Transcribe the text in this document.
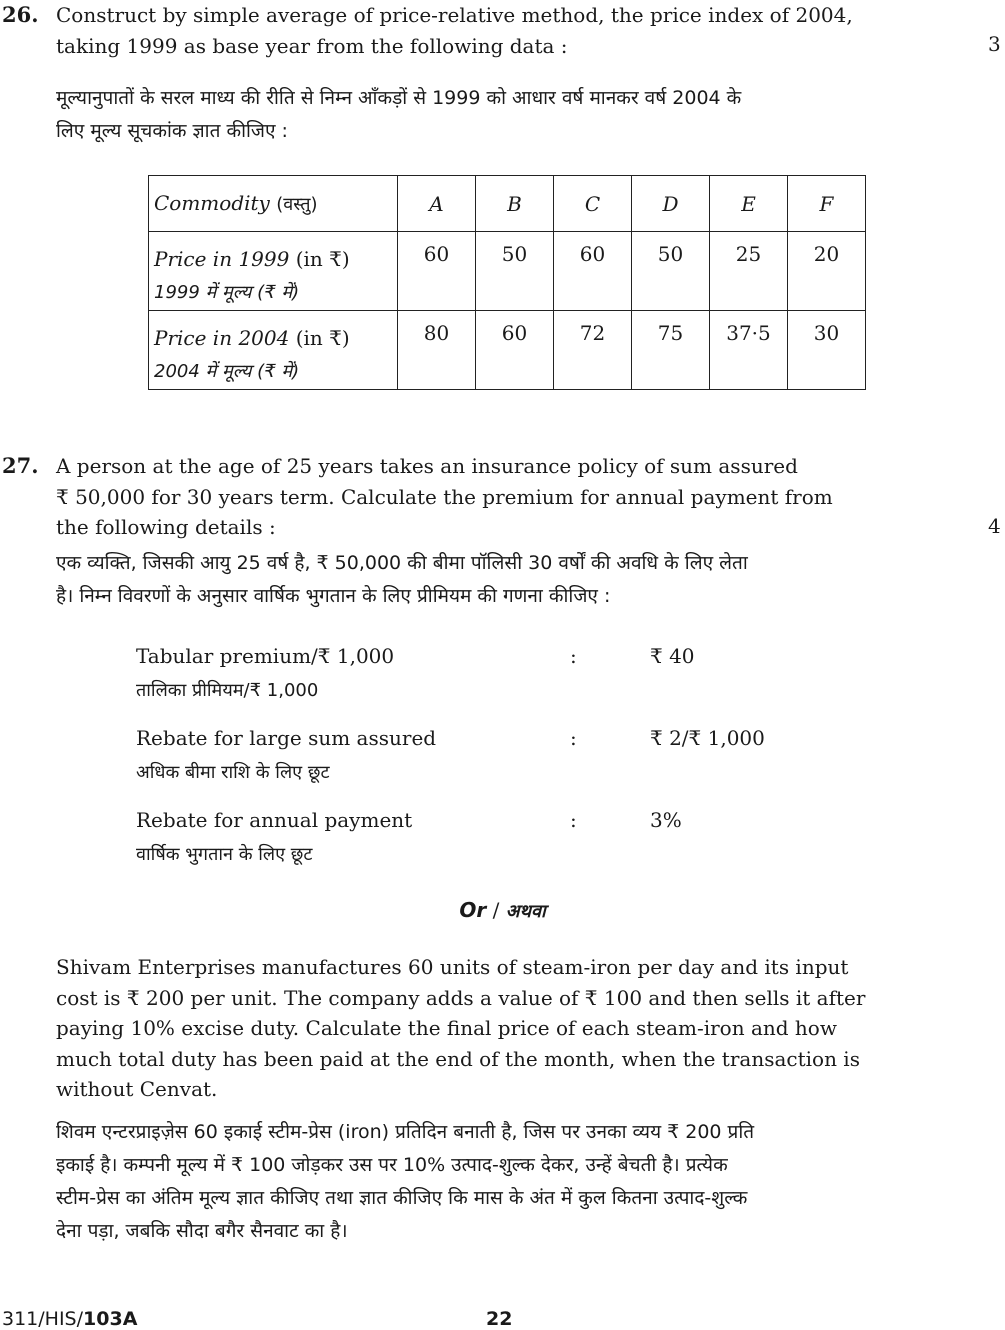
26. Construct by simple average of price-relative method, the price index of 2004,
taking 1999 as base year from the following data :	3
मूल्यानुपातों के सरल माध्य की रीति से निम्न आँकड़ों से 1999 को आधार वर्ष मानकर वर्ष 2004 के
लिए मूल्य सूचकांक ज्ञात कीजिए :
Commodity (वस्तु)	A	B	C	D	E	F

Price in 1999 (in ₹)
1999 में मूल्य (₹ में)	60	50	60	50	25	20

Price in 2004 (in ₹)
2004 में मूल्य (₹ में)	80	60	72	75	37·5	30
27. A person at the age of 25 years takes an insurance policy of sum assured
₹ 50,000 for 30 years term. Calculate the premium for annual payment from
the following details :	4
एक व्यक्ति, जिसकी आयु 25 वर्ष है, ₹ 50,000 की बीमा पॉलिसी 30 वर्षों की अवधि के लिए लेता
है। निम्न विवरणों के अनुसार वार्षिक भुगतान के लिए प्रीमियम की गणना कीजिए :
Tabular premium/₹ 1,000	:	₹ 40
तालिका प्रीमियम/₹ 1,000
Rebate for large sum assured	:	₹ 2/₹ 1,000
अधिक बीमा राशि के लिए छूट
Rebate for annual payment	:	3%
वार्षिक भुगतान के लिए छूट
Or / अथवा
Shivam Enterprises manufactures 60 units of steam-iron per day and its input
cost is ₹ 200 per unit. The company adds a value of ₹ 100 and then sells it after
paying 10% excise duty. Calculate the final price of each steam-iron and how
much total duty has been paid at the end of the month, when the transaction is
without Cenvat.
शिवम एन्टरप्राइज़ेस 60 इकाई स्टीम-प्रेस (iron) प्रतिदिन बनाती है, जिस पर उनका व्यय ₹ 200 प्रति
इकाई है। कम्पनी मूल्य में ₹ 100 जोड़कर उस पर 10% उत्पाद-शुल्क देकर, उन्हें बेचती है। प्रत्येक
स्टीम-प्रेस का अंतिम मूल्य ज्ञात कीजिए तथा ज्ञात कीजिए कि मास के अंत में कुल कितना उत्पाद-शुल्क
देना पड़ा, जबकि सौदा बगैर सैनवाट का है।
311/HIS/103A	22
